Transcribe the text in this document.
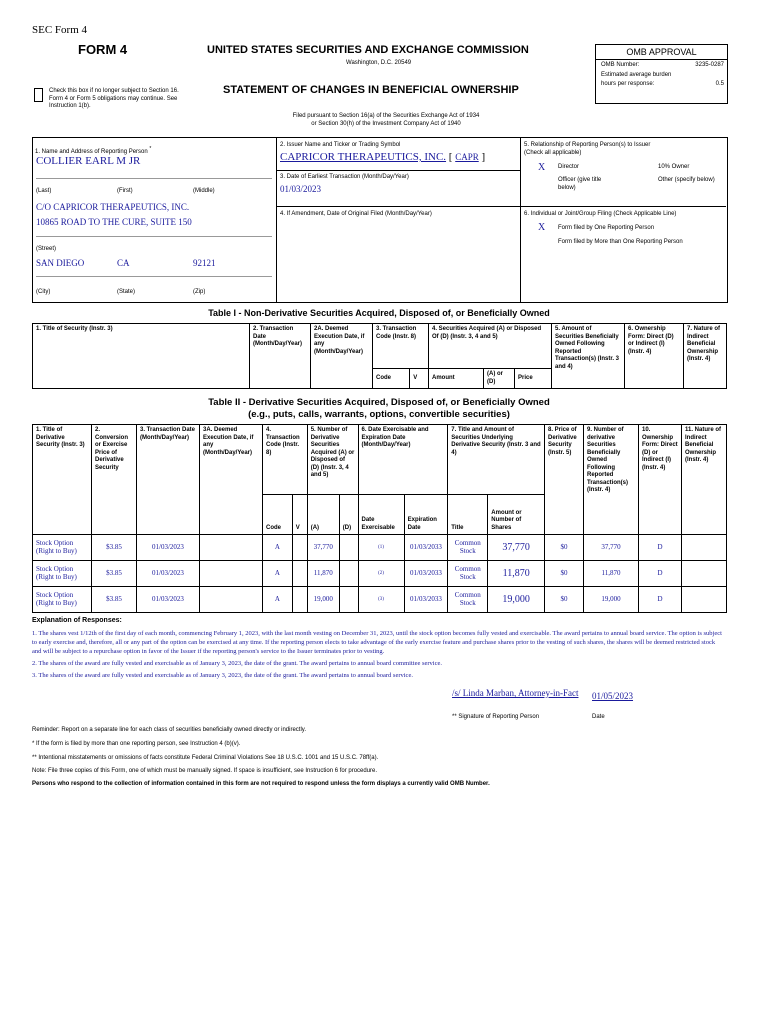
SEC Form 4
FORM 4	UNITED STATES SECURITIES AND EXCHANGE COMMISSION
Washington, D.C. 20549
Check this box if no longer subject to Section 16. Form 4 or Form 5 obligations may continue. See Instruction 1(b).
STATEMENT OF CHANGES IN BENEFICIAL OWNERSHIP
Filed pursuant to Section 16(a) of the Securities Exchange Act of 1934
or Section 30(h) of the Investment Company Act of 1940
OMB APPROVAL
OMB Number:	3235-0287
Estimated average burden
hours per response:	0.5
1. Name and Address of Reporting Person *
COLLIER EARL M JR
(Last)	(First)	(Middle)
C/O CAPRICOR THERAPEUTICS, INC.
10865 ROAD TO THE CURE, SUITE 150
(Street)
SAN DIEGO	CA	92121
(City)	(State)	(Zip)
2. Issuer Name and Ticker or Trading Symbol
CAPRICOR THERAPEUTICS, INC. [ CAPR ]
3. Date of Earliest Transaction (Month/Day/Year)
01/03/2023
4. If Amendment, Date of Original Filed (Month/Day/Year)
5. Relationship of Reporting Person(s) to Issuer
(Check all applicable)
X Director	10% Owner
Officer (give title below)
Other (specify below)
6. Individual or Joint/Group Filing (Check Applicable Line)
X Form filed by One Reporting Person
Form filed by More than One Reporting Person
Table I - Non-Derivative Securities Acquired, Disposed of, or Beneficially Owned
1. Title of Security (Instr. 3)	2. Transaction Date (Month/Day/Year)	2A. Deemed Execution Date, if any (Month/Day/Year)	3. Transaction Code (Instr. 8)		4. Securities Acquired (A) or Disposed Of (D) (Instr. 3, 4 and 5)			5. Amount of Securities Beneficially Owned Following Reported Transaction(s) (Instr. 3 and 4)	6. Ownership Form: Direct (D) or Indirect (I) (Instr. 4)	7. Nature of Indirect Beneficial Ownership (Instr. 4)
			Code	V	Amount	(A) or (D)	Price			
Table II - Derivative Securities Acquired, Disposed of, or Beneficially Owned
(e.g., puts, calls, warrants, options, convertible securities)
1. Title of Derivative Security (Instr. 3)	2. Conversion or Exercise Price of Derivative Security	3. Transaction Date (Month/Day/Year)	3A. Deemed Execution Date, if any (Month/Day/Year)	4. Transaction Code (Instr. 8)		5. Number of Derivative Securities Acquired (A) or Disposed of (D) (Instr. 3, 4 and 5)		6. Date Exercisable and Expiration Date (Month/Day/Year)		7. Title and Amount of Securities Underlying Derivative Security (Instr. 3 and 4)		8. Price of Derivative Security (Instr. 5)	9. Number of derivative Securities Beneficially Owned Following Reported Transaction(s) (Instr. 4)	10. Ownership Form: Direct (D) or Indirect (I) (Instr. 4)	11. Nature of Indirect Beneficial Ownership (Instr. 4)
				Code	V	(A)	(D)	Date Exercisable	Expiration Date	Title	Amount or Number of Shares				
Stock Option (Right to Buy)	$3.85	01/03/2023		A		37,770		(1)	01/03/2033	Common Stock	37,770	$0	37,770	D	
Stock Option (Right to Buy)	$3.85	01/03/2023		A		11,870		(2)	01/03/2033	Common Stock	11,870	$0	11,870	D	
Stock Option (Right to Buy)	$3.85	01/03/2023		A		19,000		(3)	01/03/2033	Common Stock	19,000	$0	19,000	D	
Explanation of Responses:
1. The shares vest 1/12th of the first day of each month, commencing February 1, 2023, with the last month vesting on December 31, 2023, until the stock option becomes fully vested and exercisable. The award pertains to annual board service. The option is subject to early exercise and, therefore, all or any part of the option can be exercised at any time. If the reporting person elects to take advantage of the early exercise feature and purchase shares prior to the vesting of such shares, the shares will be deemed restricted stock and will be subject to a repurchase option in favor of the Issuer if the reporting person's service to the Issuer terminates prior to vesting.
2. The shares of the award are fully vested and exercisable as of January 3, 2023, the date of the grant. The award pertains to annual board committee service.
3. The shares of the award are fully vested and exercisable as of January 3, 2023, the date of the grant. The award pertains to annual board service.
/s/ Linda Marban, Attorney-in-Fact 01/05/2023
** Signature of Reporting Person	Date
Reminder: Report on a separate line for each class of securities beneficially owned directly or indirectly.
* If the form is filed by more than one reporting person, see Instruction 4 (b)(v).
** Intentional misstatements or omissions of facts constitute Federal Criminal Violations See 18 U.S.C. 1001 and 15 U.S.C. 78ff(a).
Note: File three copies of this Form, one of which must be manually signed. If space is insufficient, see Instruction 6 for procedure.
Persons who respond to the collection of information contained in this form are not required to respond unless the form displays a currently valid OMB Number.
